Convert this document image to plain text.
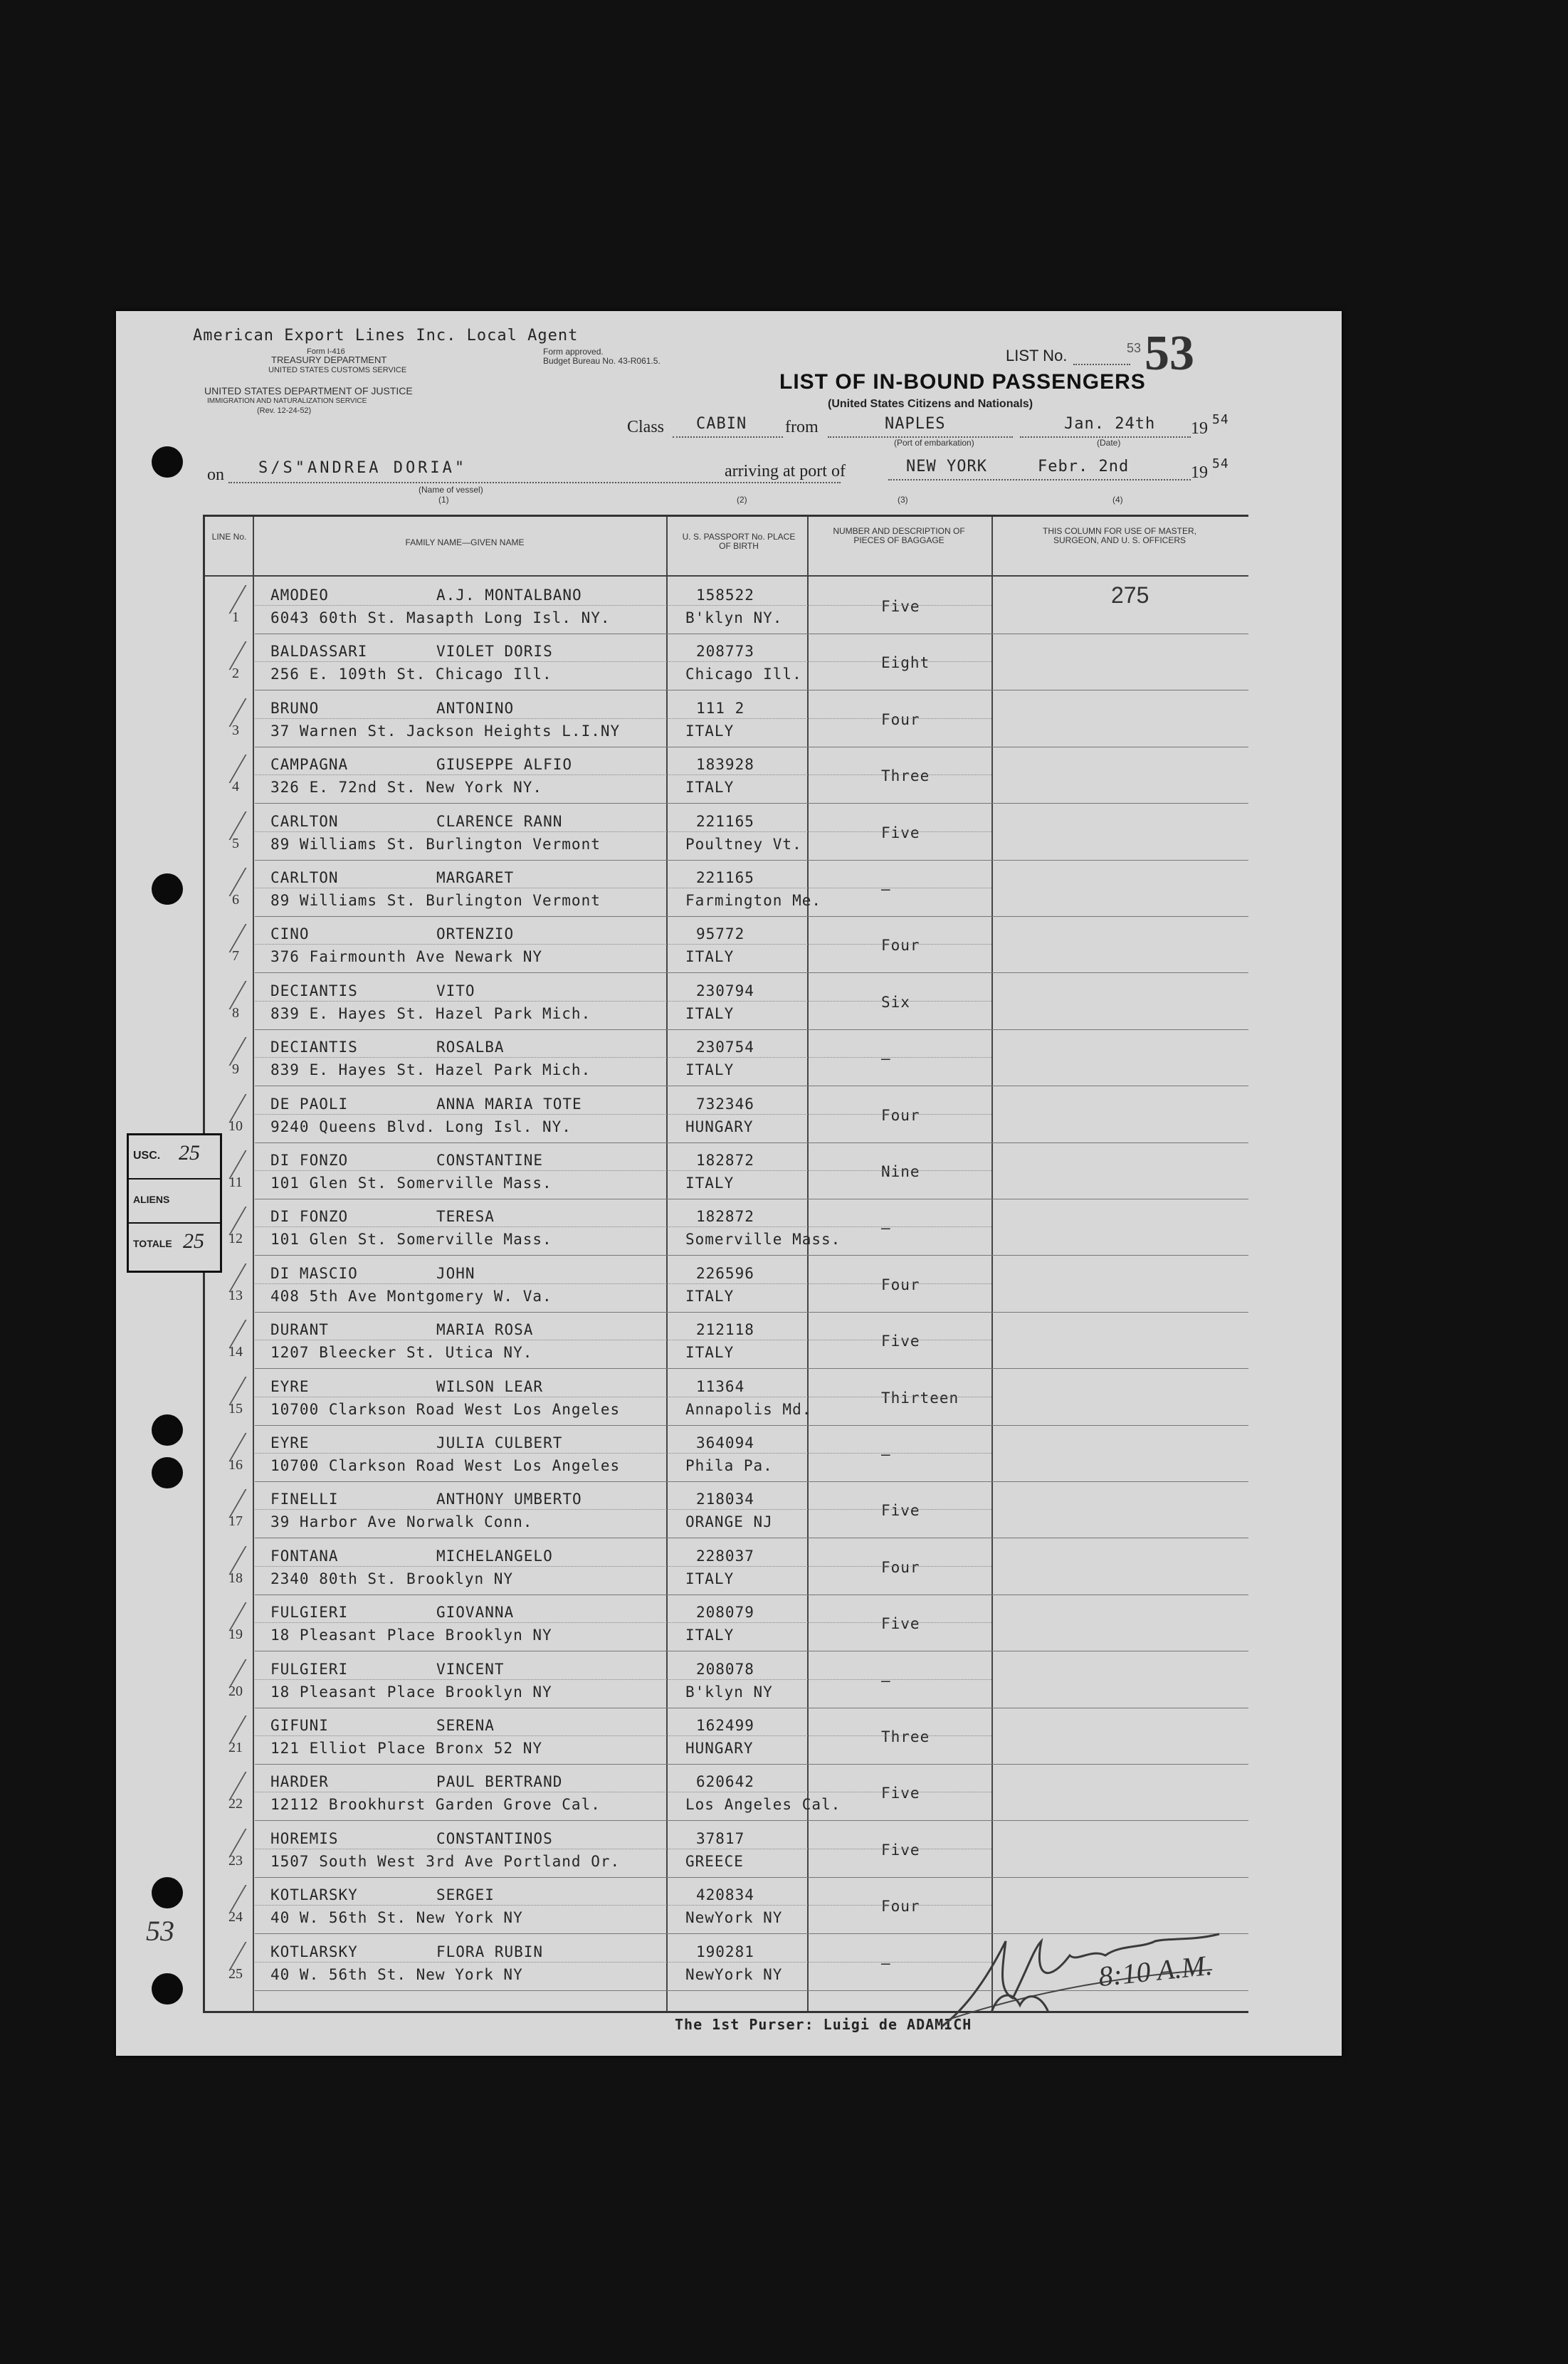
American Export Lines Inc. Local Agent
Form I-416
TREASURY DEPARTMENT
UNITED STATES CUSTOMS SERVICE
Form approved.
Budget Bureau No. 43-R061.5.
UNITED STATES DEPARTMENT OF JUSTICE
IMMIGRATION AND NATURALIZATION SERVICE
(Rev. 12-24-52)
LIST No.	53 53
LIST OF IN-BOUND PASSENGERS
(United States Citizens and Nationals)
Class CABIN from	NAPLES	Jan. 24th 19 54
(Port of embarkation)	(Date)
on S/S"ANDREA DORIA"
(Name of vessel)
(1)
arriving at port of	NEW YORK	Febr. 2nd	19 54
(2)	(3)	(4)
LINE No.
FAMILY NAME—GIVEN NAME
U. S. PASSPORT No. PLACE OF BIRTH
NUMBER AND DESCRIPTION OF PIECES OF BAGGAGE
THIS COLUMN FOR USE OF MASTER, SURGEON, AND U. S. OFFICERS
275
1
AMODEO	A.J. MONTALBANO
6043 60th St. Masapth Long Isl. NY.
158522
B'klyn NY.
Five
2
BALDASSARI	VIOLET DORIS
256 E. 109th St. Chicago Ill.
208773
Chicago Ill.
Eight
3
BRUNO	ANTONINO
37 Warnen St. Jackson Heights L.I.NY
111 2
ITALY
Four
4
CAMPAGNA	GIUSEPPE ALFIO
326 E. 72nd St. New York NY.
183928
ITALY
Three
5
CARLTON	CLARENCE RANN
89 Williams St. Burlington Vermont
221165
Poultney Vt.
Five
6
CARLTON	MARGARET
89 Williams St. Burlington Vermont
221165
Farmington Me.
—
7
CINO	ORTENZIO
376 Fairmounth Ave Newark NY
95772
ITALY
Four
8
DECIANTIS	VITO
839 E. Hayes St. Hazel Park Mich.
230794
ITALY
Six
9
DECIANTIS	ROSALBA
839 E. Hayes St. Hazel Park Mich.
230754
ITALY
—
10
DE PAOLI	ANNA MARIA TOTE
9240 Queens Blvd. Long Isl. NY.
732346
HUNGARY
Four
11
DI FONZO	CONSTANTINE
101 Glen St. Somerville Mass.
182872
ITALY
Nine
12
DI FONZO	TERESA
101 Glen St. Somerville Mass.
182872
Somerville Mass.
—
13
DI MASCIO	JOHN
408 5th Ave Montgomery W. Va.
226596
ITALY
Four
14
DURANT	MARIA ROSA
1207 Bleecker St. Utica NY.
212118
ITALY
Five
15
EYRE	WILSON LEAR
10700 Clarkson Road West Los Angeles
11364
Annapolis Md.
Thirteen
16
EYRE	JULIA CULBERT
10700 Clarkson Road West Los Angeles
364094
Phila Pa.
—
17
FINELLI	ANTHONY UMBERTO
39 Harbor Ave Norwalk Conn.
218034
ORANGE NJ
Five
18
FONTANA	MICHELANGELO
2340 80th St. Brooklyn NY
228037
ITALY
Four
19
FULGIERI	GIOVANNA
18 Pleasant Place Brooklyn NY
208079
ITALY
Five
20
FULGIERI	VINCENT
18 Pleasant Place Brooklyn NY
208078
B'klyn NY
—
21
GIFUNI	SERENA
121 Elliot Place Bronx 52 NY
162499
HUNGARY
Three
22
HARDER	PAUL BERTRAND
12112 Brookhurst Garden Grove Cal.
620642
Los Angeles Cal.
Five
23
HOREMIS	CONSTANTINOS
1507 South West 3rd Ave Portland Or.
37817
GREECE
Five
24
KOTLARSKY	SERGEI
40 W. 56th St. New York NY
420834
NewYork NY
Four
25
KOTLARSKY	FLORA RUBIN
40 W. 56th St. New York NY
190281
NewYork NY
—
The 1st Purser: Luigi de ADAMICH
53
8:10 A.M.
USC. 25
ALIENS
TOTALE 25
